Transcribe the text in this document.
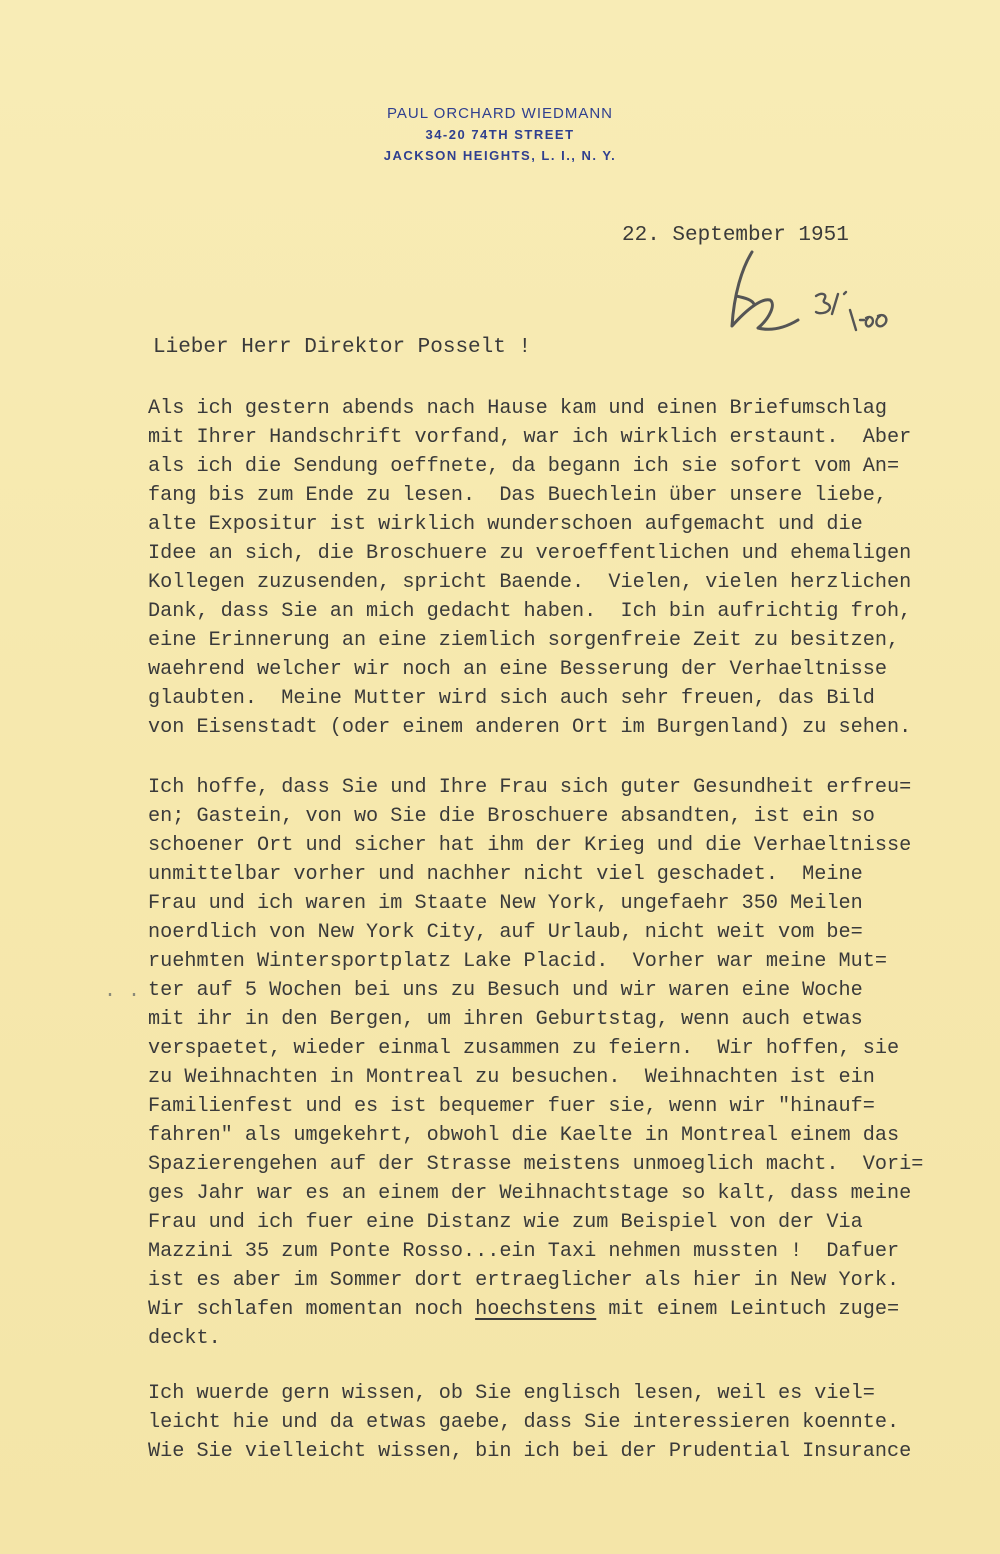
PAUL ORCHARD WIEDMANN
34-20 74TH STREET
JACKSON HEIGHTS, L. I., N. Y.
22. September 1951
Lieber Herr Direktor Posselt !
Als ich gestern abends nach Hause kam und einen Briefumschlag
mit Ihrer Handschrift vorfand, war ich wirklich erstaunt.  Aber
als ich die Sendung oeffnete, da begann ich sie sofort vom An=
fang bis zum Ende zu lesen.  Das Buechlein über unsere liebe,
alte Expositur ist wirklich wunderschoen aufgemacht und die
Idee an sich, die Broschuere zu veroeffentlichen und ehemaligen
Kollegen zuzusenden, spricht Baende.  Vielen, vielen herzlichen
Dank, dass Sie an mich gedacht haben.  Ich bin aufrichtig froh,
eine Erinnerung an eine ziemlich sorgenfreie Zeit zu besitzen,
waehrend welcher wir noch an eine Besserung der Verhaeltnisse
glaubten.  Meine Mutter wird sich auch sehr freuen, das Bild
von Eisenstadt (oder einem anderen Ort im Burgenland) zu sehen.
. .
Ich hoffe, dass Sie und Ihre Frau sich guter Gesundheit erfreu=
en; Gastein, von wo Sie die Broschuere absandten, ist ein so
schoener Ort und sicher hat ihm der Krieg und die Verhaeltnisse
unmittelbar vorher und nachher nicht viel geschadet.  Meine
Frau und ich waren im Staate New York, ungefaehr 350 Meilen
noerdlich von New York City, auf Urlaub, nicht weit vom be=
ruehmten Wintersportplatz Lake Placid.  Vorher war meine Mut=
ter auf 5 Wochen bei uns zu Besuch und wir waren eine Woche
mit ihr in den Bergen, um ihren Geburtstag, wenn auch etwas
verspaetet, wieder einmal zusammen zu feiern.  Wir hoffen, sie
zu Weihnachten in Montreal zu besuchen.  Weihnachten ist ein
Familienfest und es ist bequemer fuer sie, wenn wir "hinauf=
fahren" als umgekehrt, obwohl die Kaelte in Montreal einem das
Spazierengehen auf der Strasse meistens unmoeglich macht.  Vori=
ges Jahr war es an einem der Weihnachtstage so kalt, dass meine
Frau und ich fuer eine Distanz wie zum Beispiel von der Via
Mazzini 35 zum Ponte Rosso...ein Taxi nehmen mussten !  Dafuer
ist es aber im Sommer dort ertraeglicher als hier in New York.
Wir schlafen momentan noch hoechstens mit einem Leintuch zuge=
deckt.
Ich wuerde gern wissen, ob Sie englisch lesen, weil es viel=
leicht hie und da etwas gaebe, dass Sie interessieren koennte.
Wie Sie vielleicht wissen, bin ich bei der Prudential Insurance
